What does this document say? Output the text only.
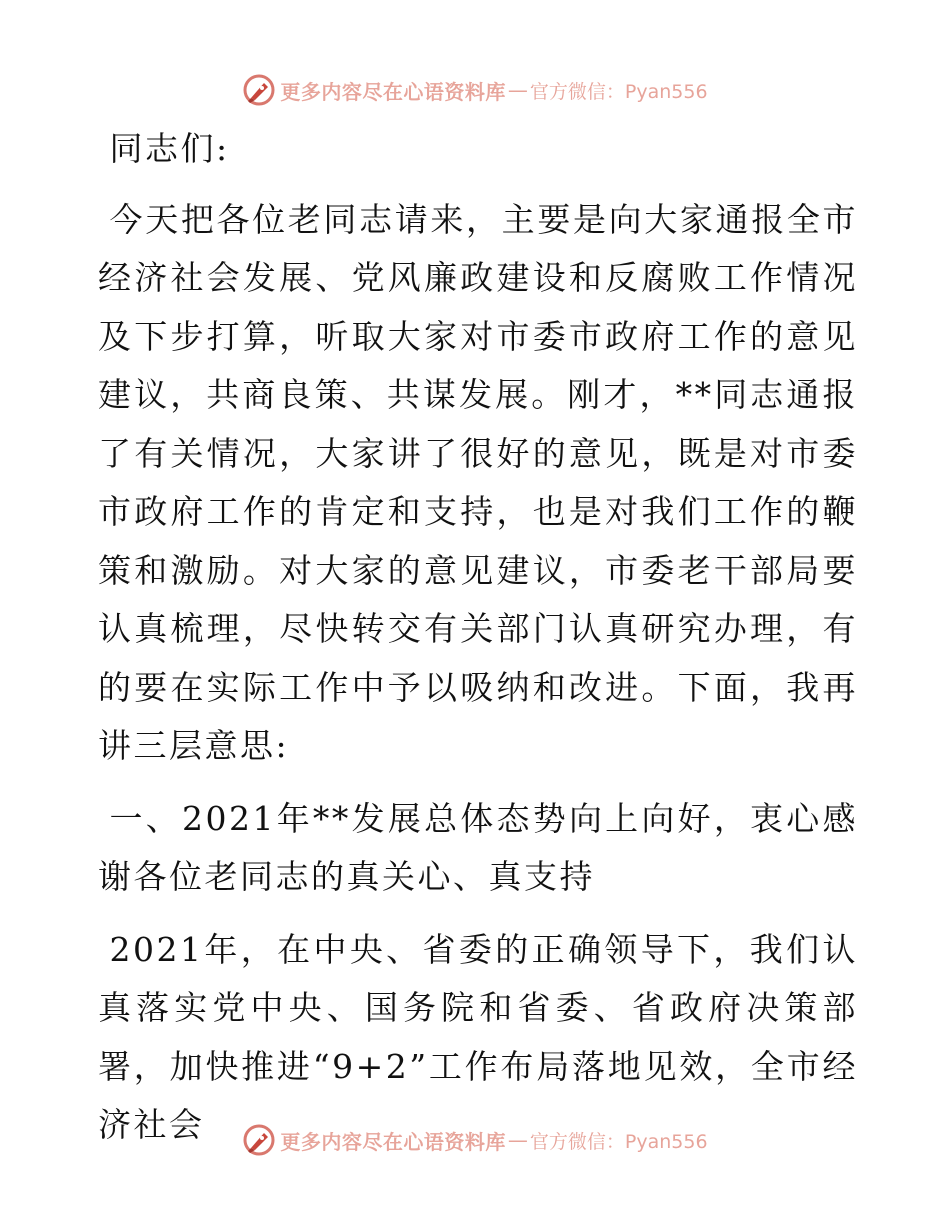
更多内容尽在心语资料库 — 官方微信：Pyan556

同志们:

今天把各位老同志请来，主要是向大家通报全市经济社会发展、党风廉政建设和反腐败工作情况及下步打算，听取大家对市委市政府工作的意见建议，共商良策、共谋发展。刚才，**同志通报了有关情况，大家讲了很好的意见，既是对市委市政府工作的肯定和支持，也是对我们工作的鞭策和激励。对大家的意见建议，市委老干部局要认真梳理，尽快转交有关部门认真研究办理，有的要在实际工作中予以吸纳和改进。下面，我再讲三层意思:

一、2021年**发展总体态势向上向好，衷心感谢各位老同志的真关心、真支持

2021年，在中央、省委的正确领导下，我们认真落实党中央、国务院和省委、省政府决策部署，加快推进“9+2”工作布局落地见效，全市经济社会	更多内容尽在心语资料库 — 官方微信：Pyan556
